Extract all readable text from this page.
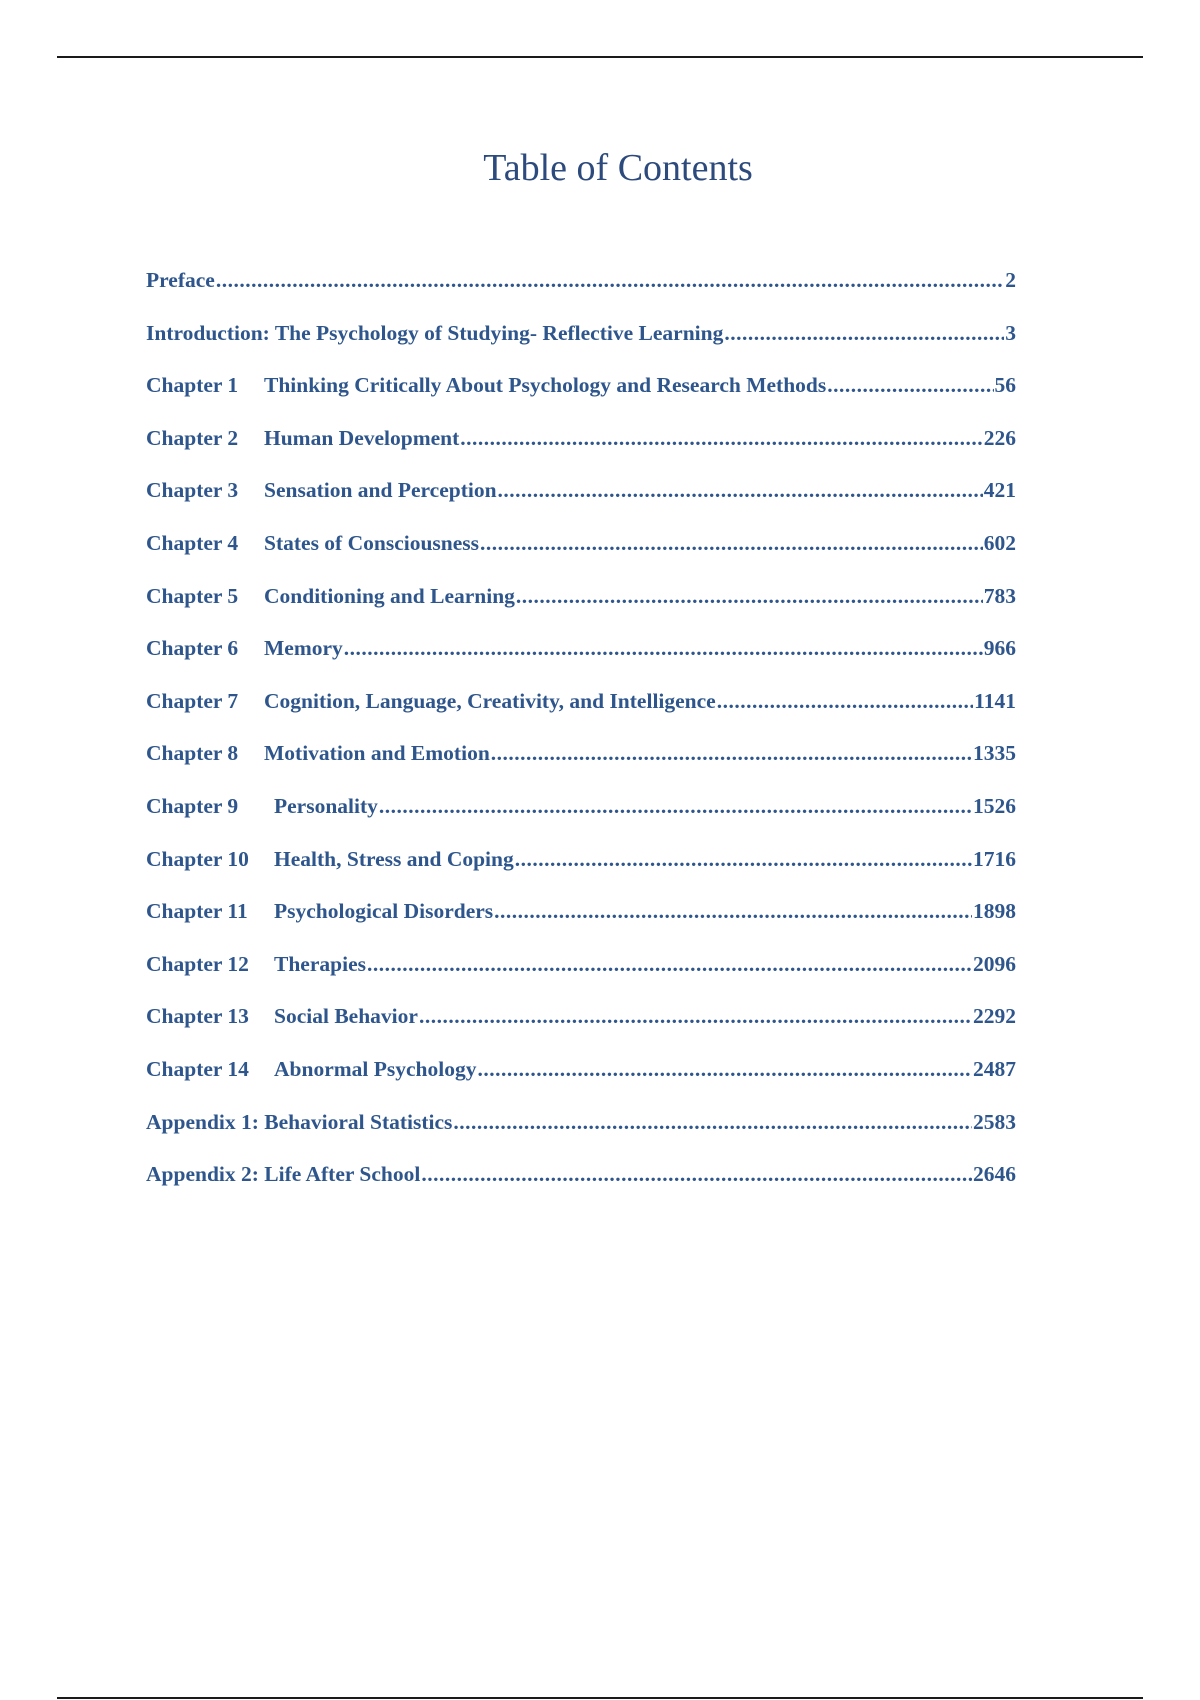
Table of Contents
Preface .....	2
Introduction: The Psychology of Studying- Reflective Learning .....	3
Chapter 1 Thinking Critically About Psychology and Research Methods .....	56
Chapter 2 Human Development .....	226
Chapter 3 Sensation and Perception .....	421
Chapter 4 States of Consciousness .....	602
Chapter 5 Conditioning and Learning .....	783
Chapter 6 Memory .....	966
Chapter 7 Cognition, Language, Creativity, and Intelligence .....	1141
Chapter 8 Motivation and Emotion .....	1335
Chapter 9 Personality .....	1526
Chapter 10 Health, Stress and Coping .....	1716
Chapter 11 Psychological Disorders .....	1898
Chapter 12 Therapies .....	2096
Chapter 13 Social Behavior .....	2292
Chapter 14 Abnormal Psychology .....	2487
Appendix 1: Behavioral Statistics .....	2583
Appendix 2: Life After School .....	2646
